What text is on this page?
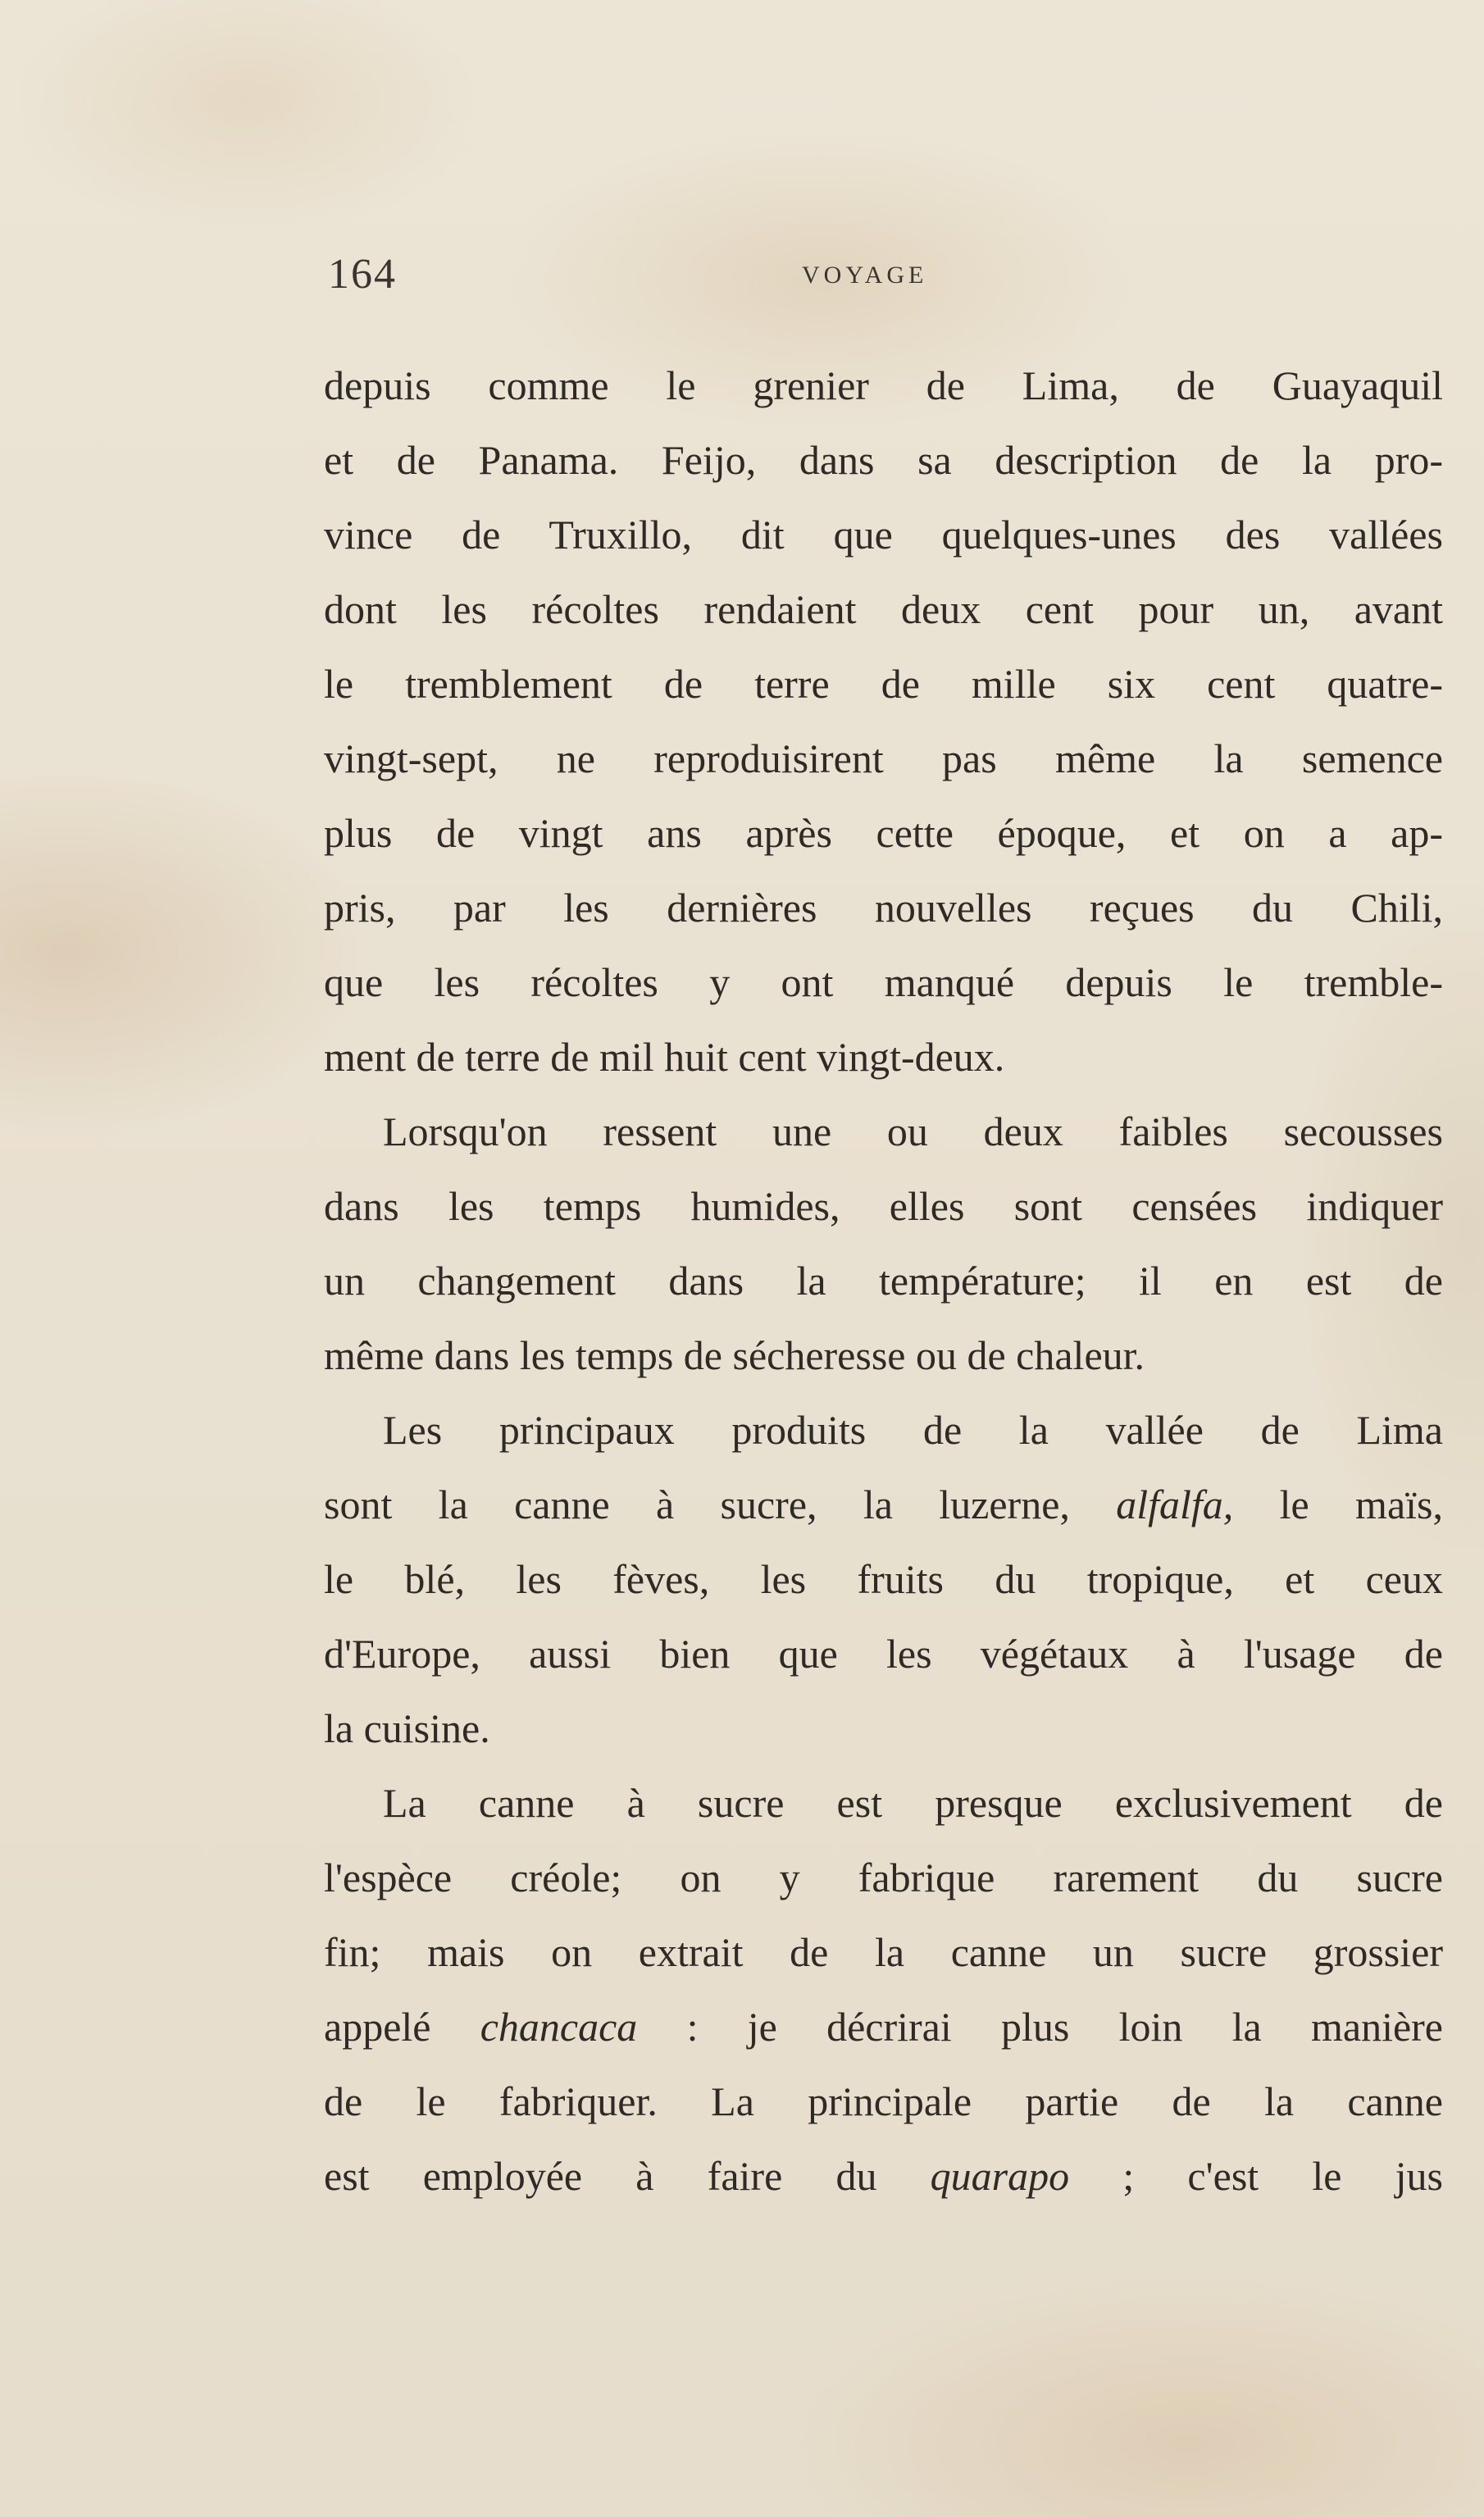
164	VOYAGE
depuis comme le grenier de Lima, de Guayaquil
et de Panama. Feijo, dans sa description de la pro-
vince de Truxillo, dit que quelques-unes des vallées
dont les récoltes rendaient deux cent pour un, avant
le tremblement de terre de mille six cent quatre-
vingt-sept, ne reproduisirent pas même la semence
plus de vingt ans après cette époque, et on a ap-
pris, par les dernières nouvelles reçues du Chili,
que les récoltes y ont manqué depuis le tremble-
ment de terre de mil huit cent vingt-deux.
Lorsqu'on ressent une ou deux faibles secousses
dans les temps humides, elles sont censées indiquer
un changement dans la température; il en est de
même dans les temps de sécheresse ou de chaleur.
Les principaux produits de la vallée de Lima
sont la canne à sucre, la luzerne, alfalfa, le maïs,
le blé, les fèves, les fruits du tropique, et ceux
d'Europe, aussi bien que les végétaux à l'usage de
la cuisine.
La canne à sucre est presque exclusivement de
l'espèce créole; on y fabrique rarement du sucre
fin; mais on extrait de la canne un sucre grossier
appelé chancaca : je décrirai plus loin la manière
de le fabriquer. La principale partie de la canne
est employée à faire du quarapo ; c'est le jus
